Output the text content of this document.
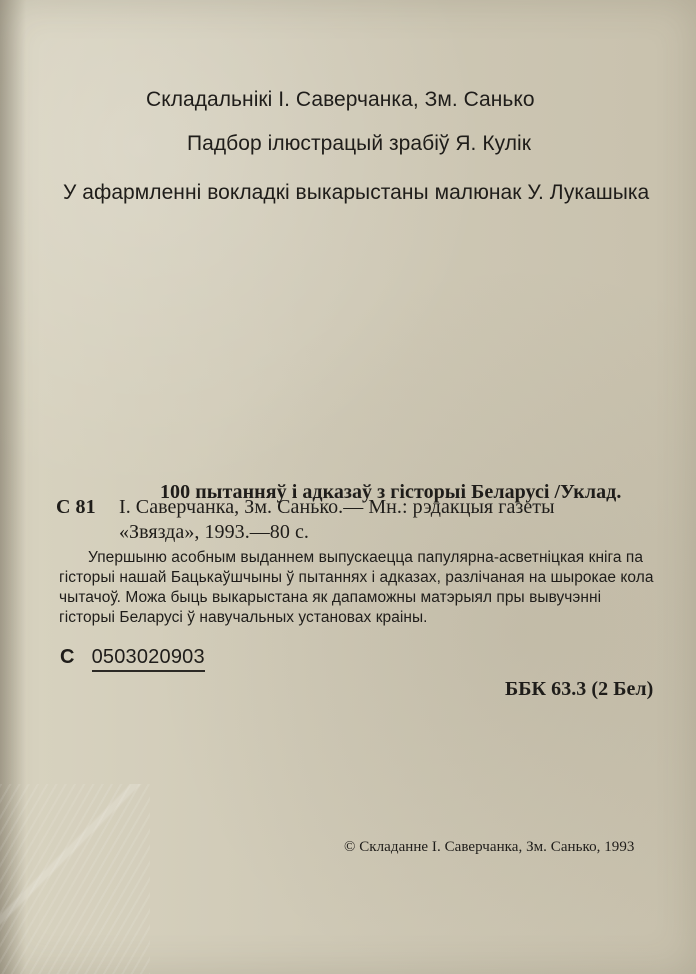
Складальнікі І. Саверчанка, Зм. Санько
Падбор ілюстрацый зрабіў Я. Кулік
У афармленні вокладкі выкарыстаны малюнак У. Лукашыка
100 пытанняў і адказаў з гісторыі Беларусі /Уклад.
С 81 І. Саверчанка, Зм. Санько.— Мн.: рэдакцыя газеты
«Звязда», 1993.—80 с.
Упершыню асобным выданнем выпускаецца папулярна-асветніцкая кніга па
гісторыі нашай Бацькаўшчыны ў пытаннях і адказах, разлічаная на шырокае кола
чытачоў. Можа быць выкарыстана як дапаможны матэрыял пры вывучэнні
гісторыі Беларусі ў навучальных установах краіны.
С 0503020903
ББК 63.3 (2 Бел)
© Складанне І. Саверчанка, Зм. Санько, 1993
